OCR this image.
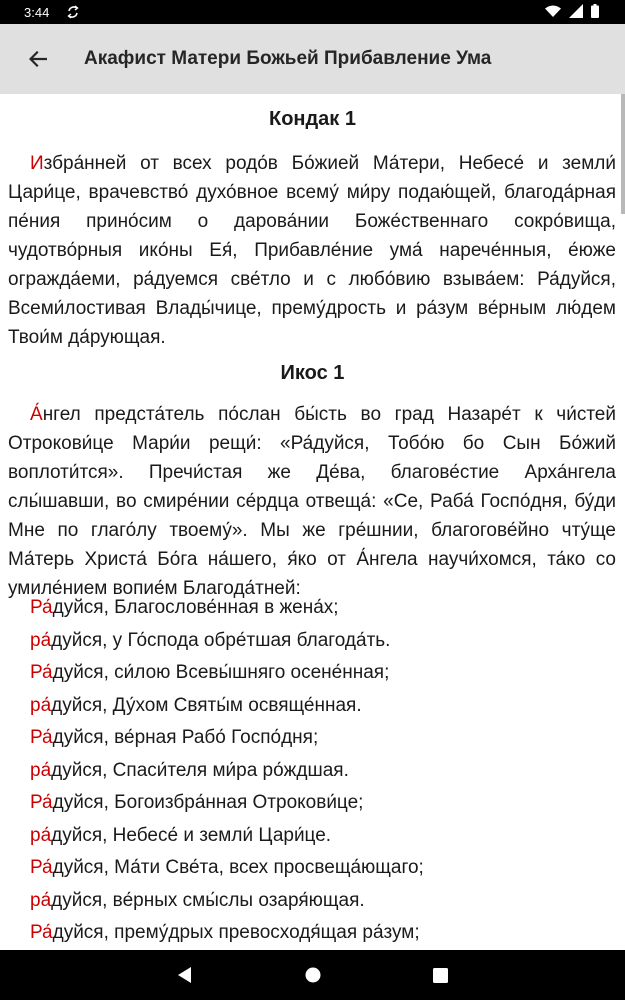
3:44
Акафист Матери Божьей Прибавление Ума

Кондак 1

Избра́нней от всех родо́в Бо́жией Ма́тери, Небесе́ и земли́ Цари́це, врачевство́ духо́вное всему́ ми́ру подаю́щей, благода́рная пе́ния прино́сим о дарова́нии Боже́ственнаго сокро́вища, чудотво́рныя ико́ны Ея́, Прибавле́ние ума́ нарече́нныя, е́юже огражда́еми, ра́дуемся све́тло и с любо́вию взыва́ем: Ра́дуйся, Всеми́лостивая Влады́чице, прему́дрость и ра́зум ве́рным лю́дем Твои́м да́рующая.

Икос 1

А́нгел предста́тель по́слан бы́сть во град Назаре́т к чи́стей Отрокови́це Мари́и рещи́: «Ра́дуйся, Тобо́ю бо Сын Бо́жий воплоти́тся». Пречи́стая же Де́ва, благове́стие Арха́нгела слы́шавши, во смире́нии се́рдца отвеща́: «Се, Раба́ Госпо́дня, бу́ди Мне по глаго́лу твоему́». Мы же гре́шнии, благогове́йно чту́ще Ма́терь Христа́ Бо́га на́шего, я́ко от А́нгела научи́хомся, та́ко со умиле́нием вопие́м Благода́тней:

Ра́дуйся, Благослове́нная в жена́х;
ра́дуйся, у Го́спода обре́тшая благода́ть.
Ра́дуйся, си́лою Всевы́шняго осене́нная;
ра́дуйся, Ду́хом Святы́м освяще́нная.
Ра́дуйся, ве́рная Рабо́ Госпо́дня;
ра́дуйся, Спаси́теля ми́ра ро́ждшая.
Ра́дуйся, Богоизбра́нная Отрокови́це;
ра́дуйся, Небесе́ и земли́ Цари́це.
Ра́дуйся, Ма́ти Све́та, всех просвеща́ющаго;
ра́дуйся, ве́рных смы́слы озаря́ющая.
Ра́дуйся, прему́дрых превосходя́щая ра́зум;
